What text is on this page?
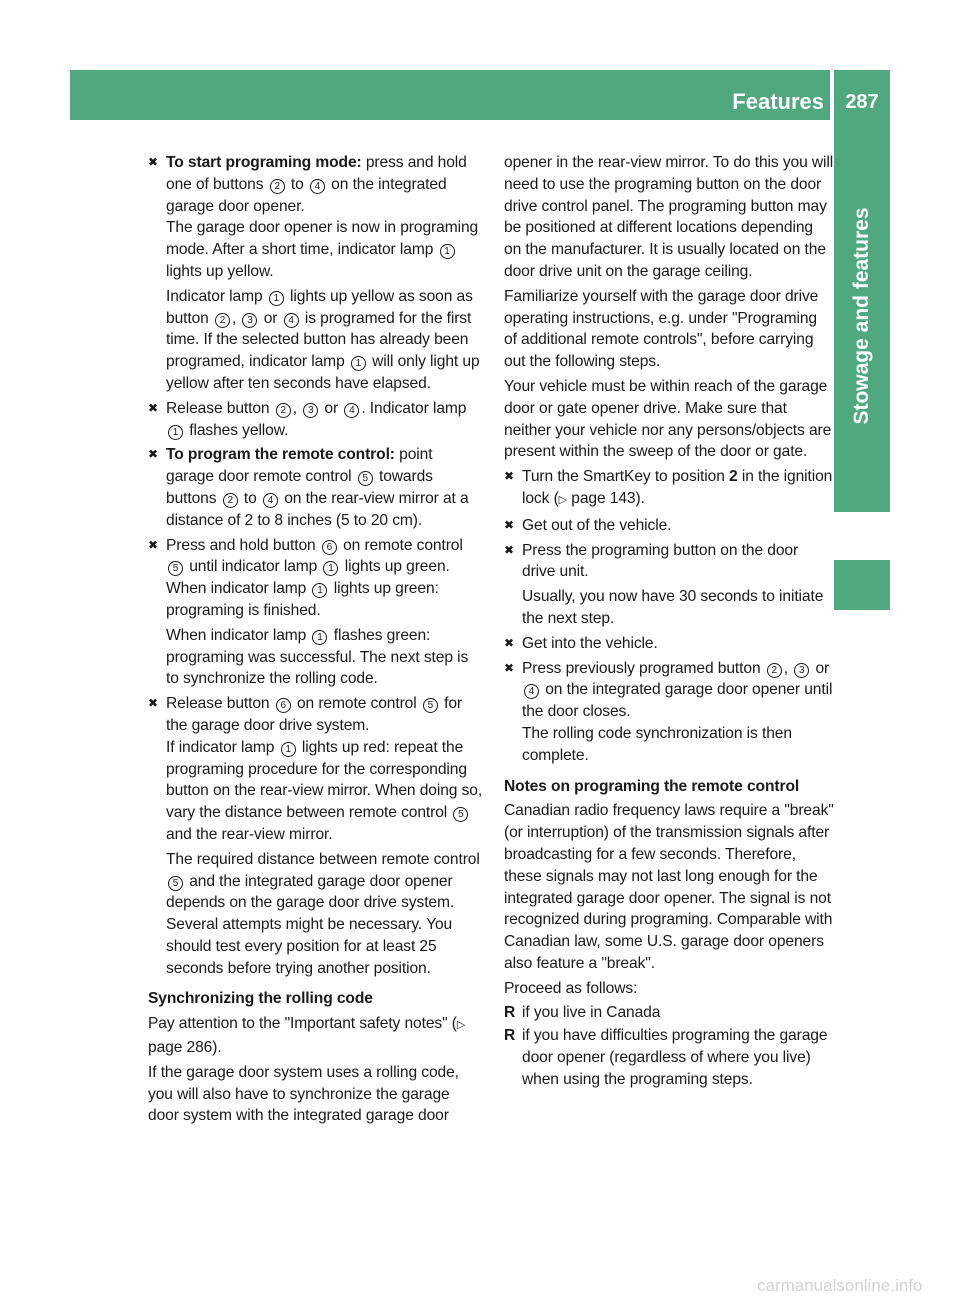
Features	287
Stowage and features
✖ To start programing mode: press and hold one of buttons 2 to 4 on the integrated garage door opener.
The garage door opener is now in programing mode. After a short time, indicator lamp 1 lights up yellow.

Indicator lamp 1 lights up yellow as soon as button 2 , 3 or 4 is programed for the first time. If the selected button has already been programed, indicator lamp 1 will only light up yellow after ten seconds have elapsed.

✖ Release button 2 , 3 or 4 . Indicator lamp 1 flashes yellow.

✖ To program the remote control: point garage door remote control 5 towards buttons 2 to 4 on the rear-view mirror at a distance of 2 to 8 inches (5 to 20 cm).

✖ Press and hold button 6 on remote control 5 until indicator lamp 1 lights up green. When indicator lamp 1 lights up green: programing is finished.

When indicator lamp 1 flashes green: programing was successful. The next step is to synchronize the rolling code.

✖ Release button 6 on remote control 5 for the garage door drive system.
If indicator lamp 1 lights up red: repeat the programing procedure for the corresponding button on the rear-view mirror. When doing so, vary the distance between remote control 5 and the rear-view mirror.

The required distance between remote control 5 and the integrated garage door opener depends on the garage door drive system. Several attempts might be necessary. You should test every position for at least 25 seconds before trying another position.

Synchronizing the rolling code

Pay attention to the "Important safety notes" (▷ page 286).

If the garage door system uses a rolling code, you will also have to synchronize the garage door system with the integrated garage door

opener in the rear-view mirror. To do this you will need to use the programing button on the door drive control panel. The programing button may be positioned at different locations depending on the manufacturer. It is usually located on the door drive unit on the garage ceiling.

Familiarize yourself with the garage door drive operating instructions, e.g. under "Programing of additional remote controls", before carrying out the following steps.

Your vehicle must be within reach of the garage door or gate opener drive. Make sure that neither your vehicle nor any persons/objects are present within the sweep of the door or gate.

✖ Turn the SmartKey to position 2 in the ignition lock (▷ page 143).

✖ Get out of the vehicle.

✖ Press the programing button on the door drive unit.

Usually, you now have 30 seconds to initiate the next step.

✖ Get into the vehicle.

✖ Press previously programed button 2 , 3 or 4 on the integrated garage door opener until the door closes.
The rolling code synchronization is then complete.

Notes on programing the remote control

Canadian radio frequency laws require a "break" (or interruption) of the transmission signals after broadcasting for a few seconds. Therefore, these signals may not last long enough for the integrated garage door opener. The signal is not recognized during programing. Comparable with Canadian law, some U.S. garage door openers also feature a "break".

Proceed as follows:

R if you live in Canada
R if you have difficulties programing the garage door opener (regardless of where you live) when using the programing steps.
carmanualsonline.info
